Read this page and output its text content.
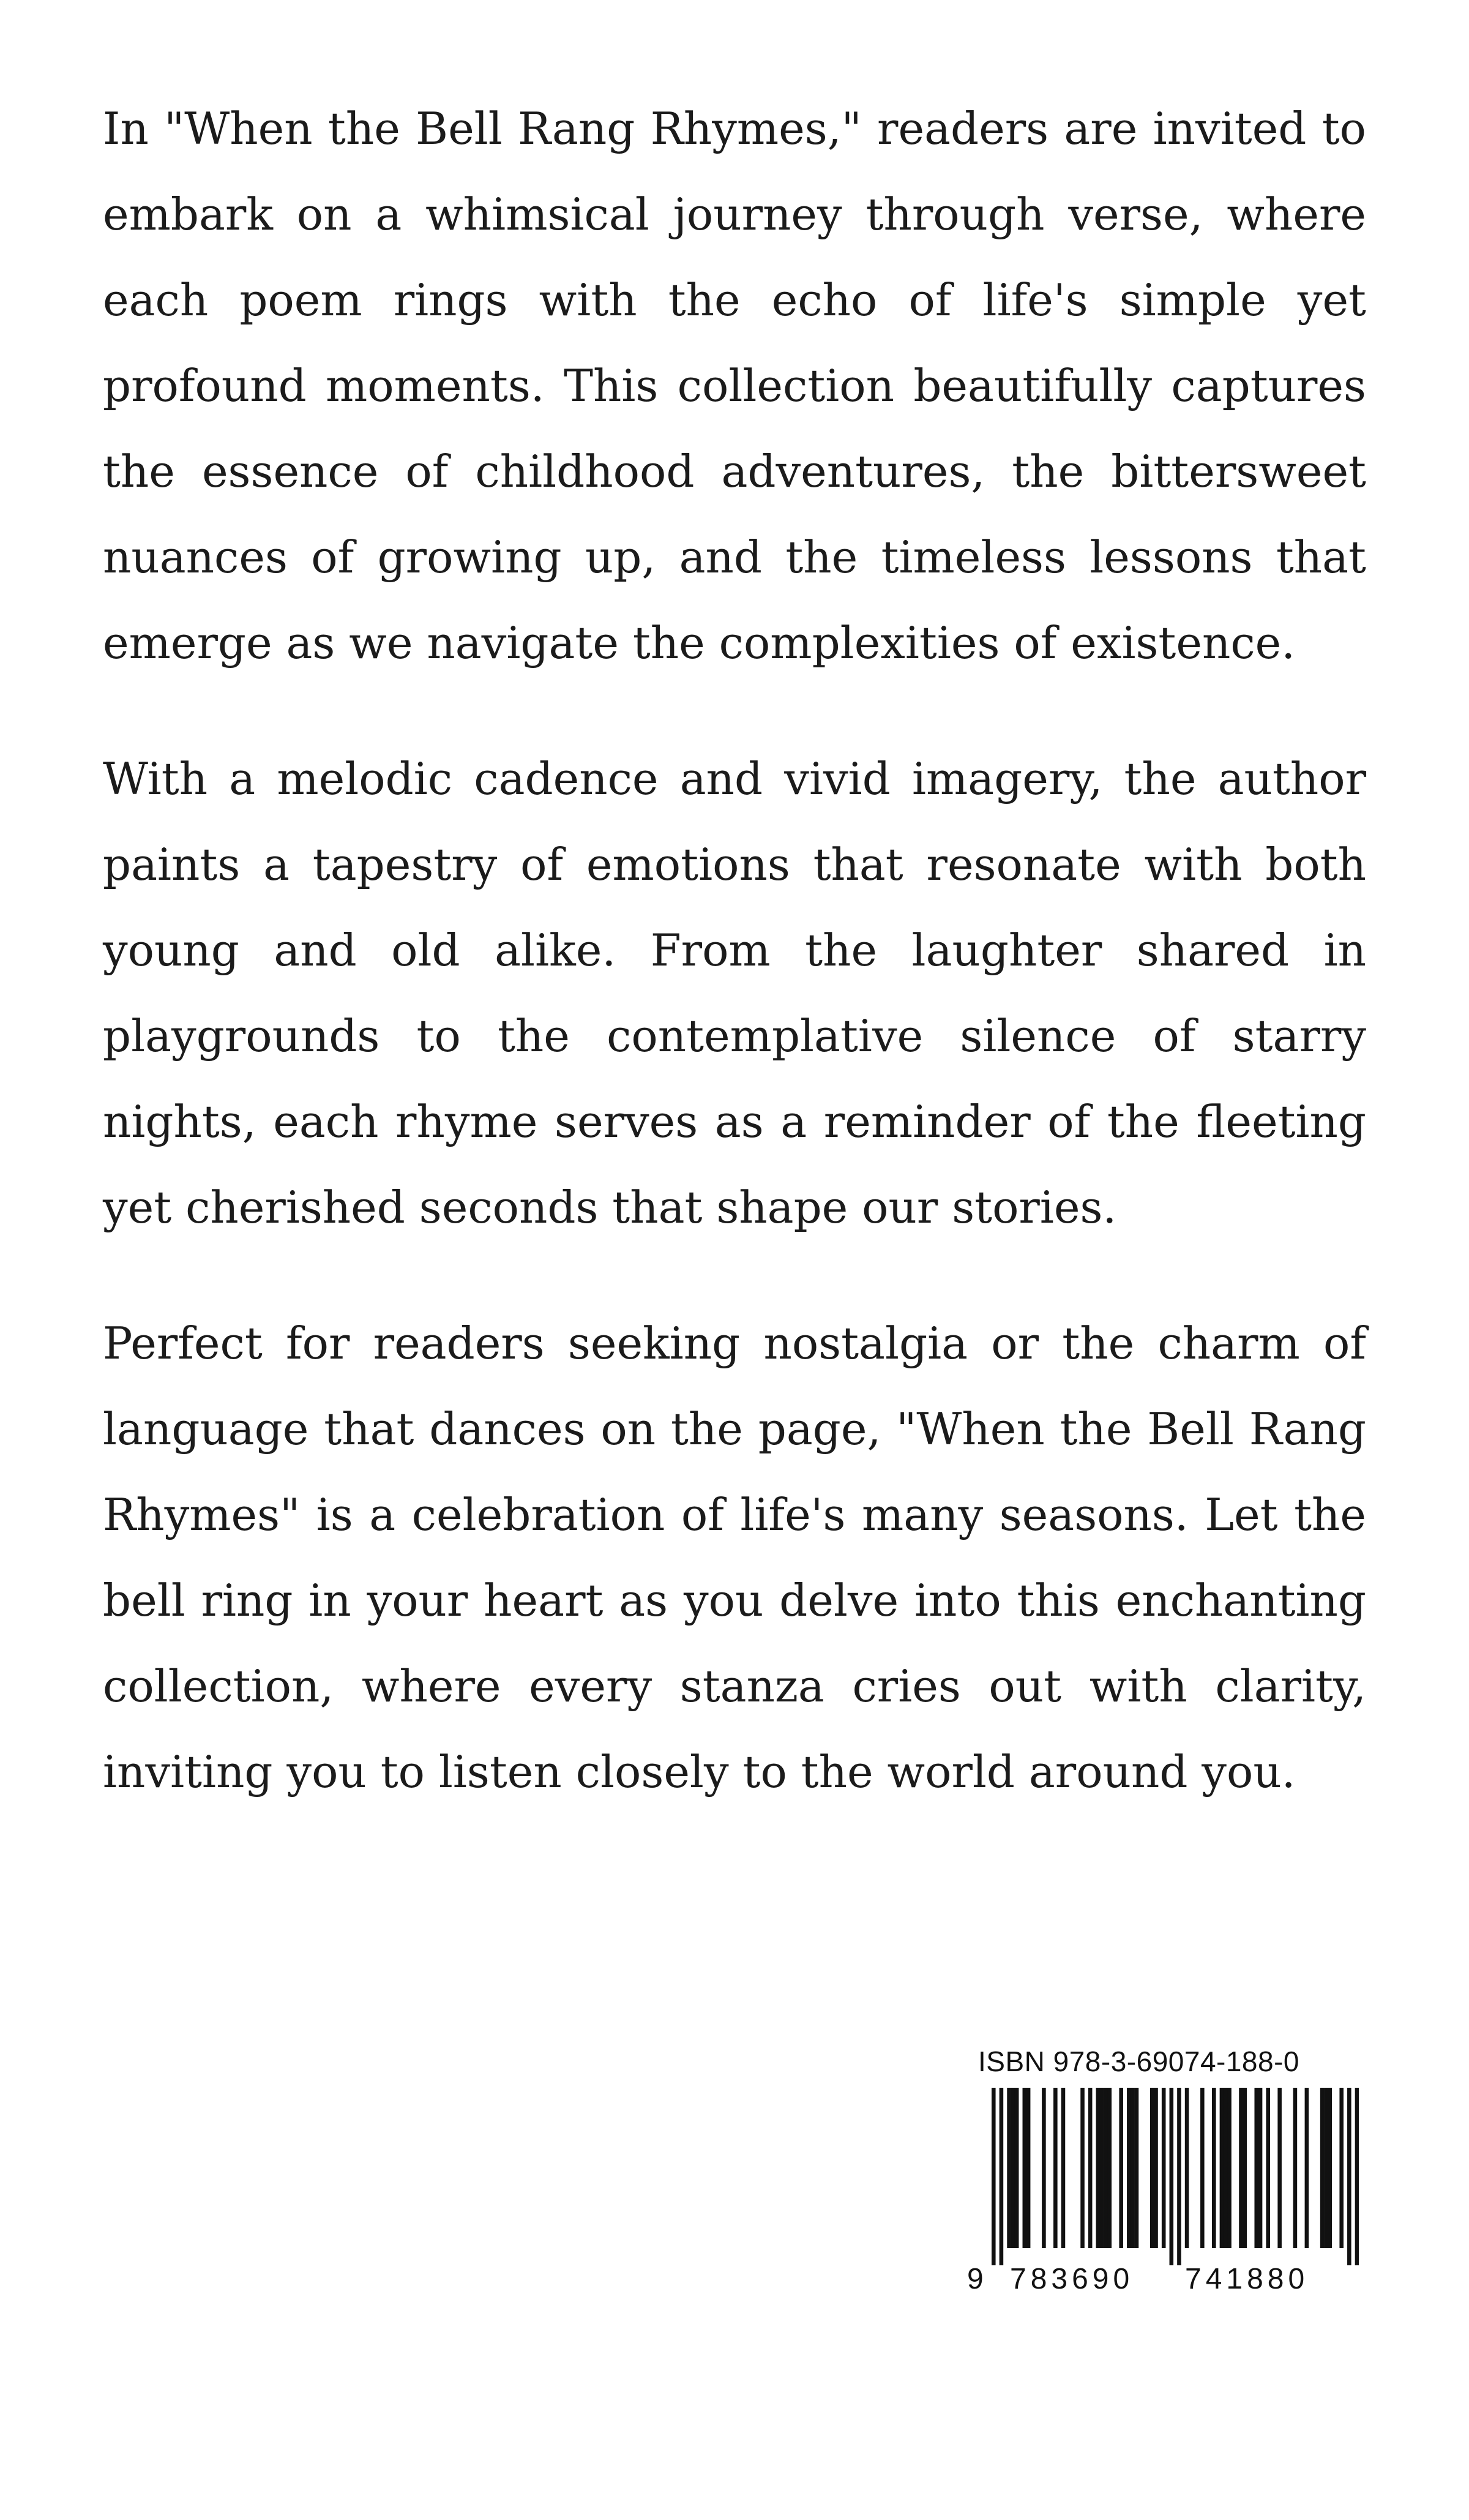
In "When the Bell Rang Rhymes," readers are invited to embark on a whimsical journey through verse, where each poem rings with the echo of life's simple yet profound moments. This collection beautifully captures the essence of childhood adventures, the bittersweet nuances of growing up, and the timeless lessons that emerge as we navigate the complexities of existence.

With a melodic cadence and vivid imagery, the author paints a tapestry of emotions that resonate with both young and old alike. From the laughter shared in playgrounds to the contemplative silence of starry nights, each rhyme serves as a reminder of the fleeting yet cherished seconds that shape our stories.

Perfect for readers seeking nostalgia or the charm of language that dances on the page, "When the Bell Rang Rhymes" is a celebration of life's many seasons. Let the bell ring in your heart as you delve into this enchanting collection, where every stanza cries out with clarity, inviting you to listen closely to the world around you.

ISBN 978-3-69074-188-0
9 783690 741880
